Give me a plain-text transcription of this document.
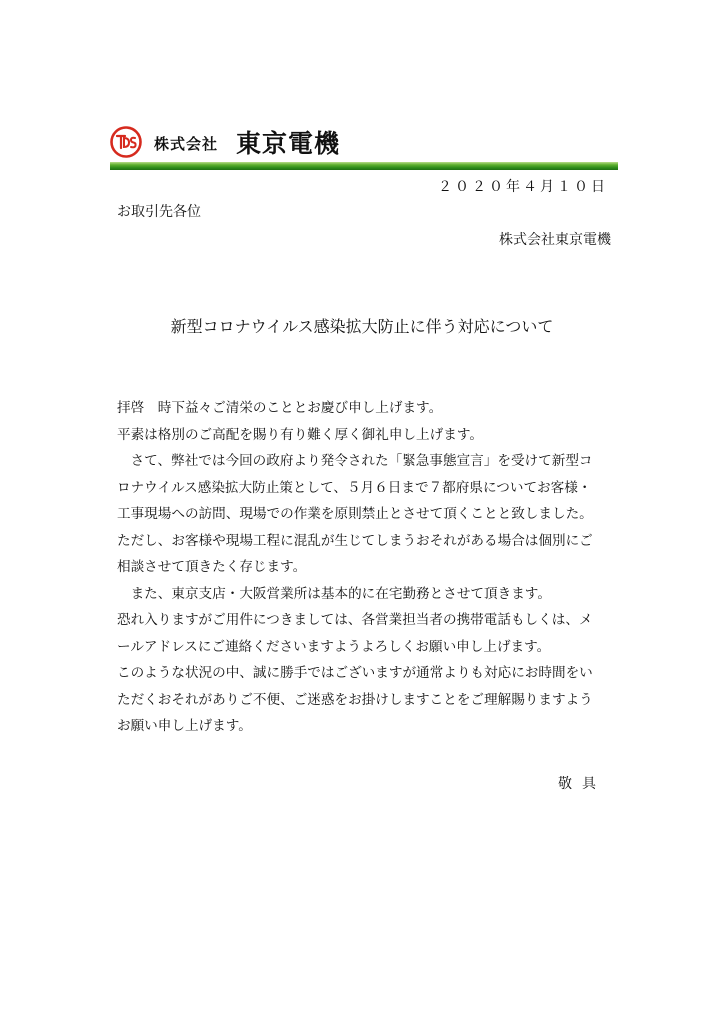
株式会社 東京電機
２０２０年４月１０日
お取引先各位
株式会社東京電機
新型コロナウイルス感染拡大防止に伴う対応について

拝啓　時下益々ご清栄のこととお慶び申し上げます。

平素は格別のご高配を賜り有り難く厚く御礼申し上げます。

　さて、弊社では今回の政府より発令された「緊急事態宣言」を受けて新型コ

ロナウイルス感染拡大防止策として、５月６日まで７都府県についてお客様・

工事現場への訪問、現場での作業を原則禁止とさせて頂くことと致しました。

ただし、お客様や現場工程に混乱が生じてしまうおそれがある場合は個別にご

相談させて頂きたく存じます。

　また、東京支店・大阪営業所は基本的に在宅勤務とさせて頂きます。

恐れ入りますがご用件につきましては、各営業担当者の携帯電話もしくは、メ

ールアドレスにご連絡くださいますようよろしくお願い申し上げます。

このような状況の中、誠に勝手ではございますが通常よりも対応にお時間をい

ただくおそれがありご不便、ご迷惑をお掛けしますことをご理解賜りますよう

お願い申し上げます。

敬具
